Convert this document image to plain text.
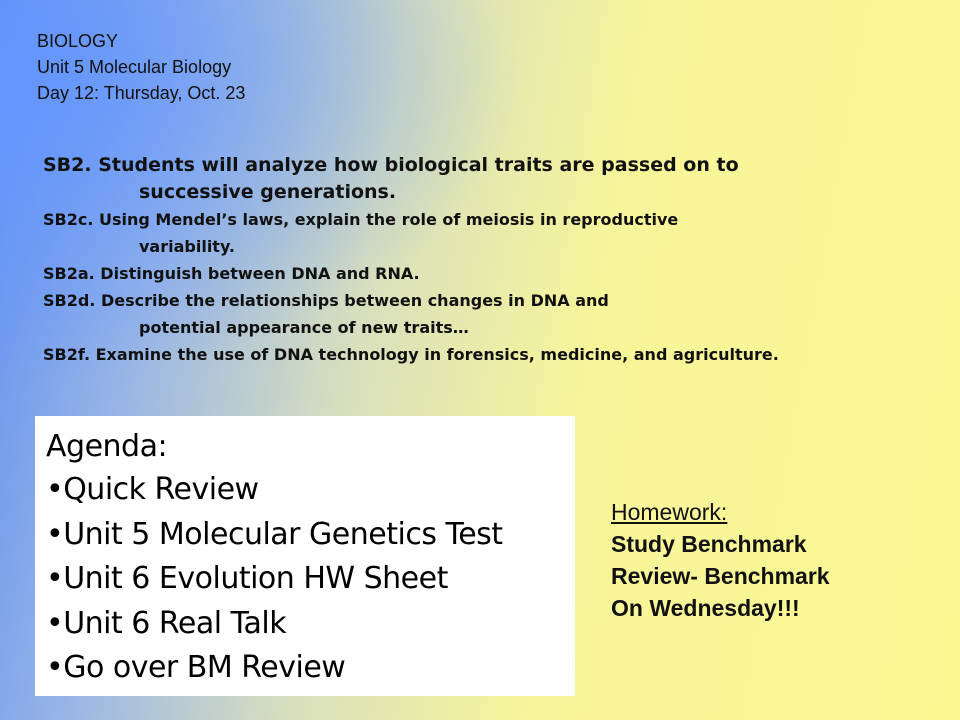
BIOLOGY
Unit 5 Molecular Biology
Day 12: Thursday, Oct. 23
SB2. Students will analyze how biological traits are passed on to
successive generations.
SB2c. Using Mendel’s laws, explain the role of meiosis in reproductive
variability.
SB2a. Distinguish between DNA and RNA.
SB2d. Describe the relationships between changes in DNA and
potential appearance of new traits…
SB2f. Examine the use of DNA technology in forensics, medicine, and agriculture.
Agenda:
•Quick Review
•Unit 5 Molecular Genetics Test
•Unit 6 Evolution HW Sheet
•Unit 6 Real Talk
•Go over BM Review
Homework:
Study Benchmark
Review- Benchmark
On Wednesday!!!
